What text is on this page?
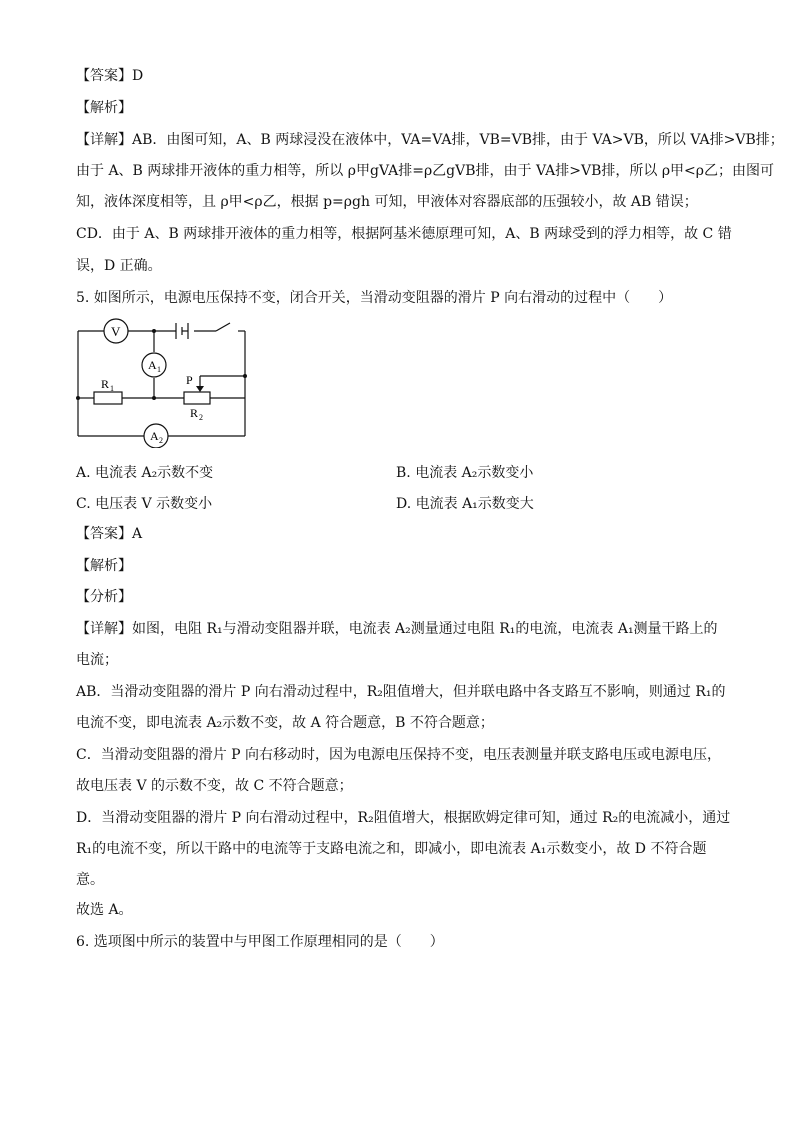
【答案】D
【解析】
【详解】AB．由图可知，A、B 两球浸没在液体中，VA=VA排，VB=VB排，由于 VA>VB，所以 VA排>VB排；
由于 A、B 两球排开液体的重力相等，所以 ρ甲gVA排=ρ乙gVB排，由于 VA排>VB排，所以 ρ甲<ρ乙；由图可
知，液体深度相等，且 ρ甲<ρ乙，根据 p=ρgh 可知，甲液体对容器底部的压强较小，故 AB 错误；
CD．由于 A、B 两球排开液体的重力相等，根据阿基米德原理可知，A、B 两球受到的浮力相等，故 C 错
误，D 正确。
5. 如图所示，电源电压保持不变，闭合开关，当滑动变阻器的滑片 P 向右滑动的过程中（　　）
V
A 1
A 2
R 1
P
R 2
A. 电流表 A₂示数不变	B. 电流表 A₂示数变小
C. 电压表 V 示数变小	D. 电流表 A₁示数变大
【答案】A
【解析】
【分析】
【详解】如图，电阻 R₁与滑动变阻器并联，电流表 A₂测量通过电阻 R₁的电流，电流表 A₁测量干路上的
电流；
AB．当滑动变阻器的滑片 P 向右滑动过程中，R₂阻值增大，但并联电路中各支路互不影响，则通过 R₁的
电流不变，即电流表 A₂示数不变，故 A 符合题意，B 不符合题意；
C．当滑动变阻器的滑片 P 向右移动时，因为电源电压保持不变，电压表测量并联支路电压或电源电压，
故电压表 V 的示数不变，故 C 不符合题意；
D．当滑动变阻器的滑片 P 向右滑动过程中，R₂阻值增大，根据欧姆定律可知，通过 R₂的电流减小，通过
R₁的电流不变，所以干路中的电流等于支路电流之和，即减小，即电流表 A₁示数变小，故 D 不符合题
意。
故选 A。
6. 选项图中所示的装置中与甲图工作原理相同的是（　　）
